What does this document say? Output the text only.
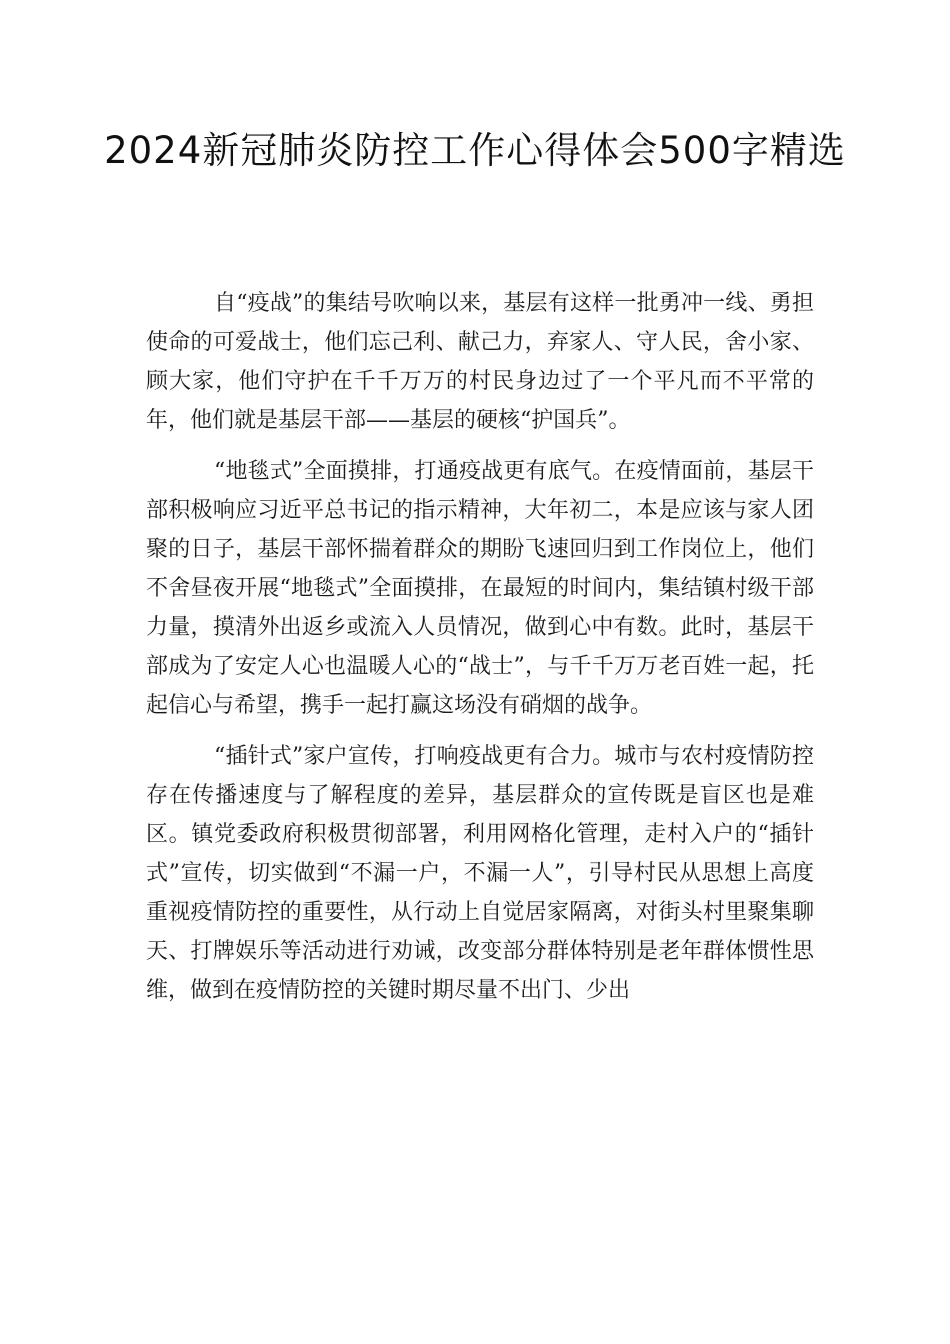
2024新冠肺炎防控工作心得体会500字精选

自“疫战”的集结号吹响以来，基层有这样一批勇冲一线、勇担使命的可爱战士，他们忘己利、献己力，弃家人、守人民，舍小家、顾大家，他们守护在千千万万的村民身边过了一个平凡而不平常的年，他们就是基层干部——基层的硬核“护国兵”。

“地毯式”全面摸排，打通疫战更有底气。在疫情面前，基层干部积极响应习近平总书记的指示精神，大年初二，本是应该与家人团聚的日子，基层干部怀揣着群众的期盼飞速回归到工作岗位上，他们不舍昼夜开展“地毯式”全面摸排，在最短的时间内，集结镇村级干部力量，摸清外出返乡或流入人员情况，做到心中有数。此时，基层干部成为了安定人心也温暖人心的“战士”，与千千万万老百姓一起，托起信心与希望，携手一起打赢这场没有硝烟的战争。

“插针式”家户宣传，打响疫战更有合力。城市与农村疫情防控存在传播速度与了解程度的差异，基层群众的宣传既是盲区也是难区。镇党委政府积极贯彻部署，利用网格化管理，走村入户的“插针式”宣传，切实做到“不漏一户，不漏一人”，引导村民从思想上高度重视疫情防控的重要性，从行动上自觉居家隔离，对街头村里聚集聊天、打牌娱乐等活动进行劝诫，改变部分群体特别是老年群体惯性思维，做到在疫情防控的关键时期尽量不出门、少出
